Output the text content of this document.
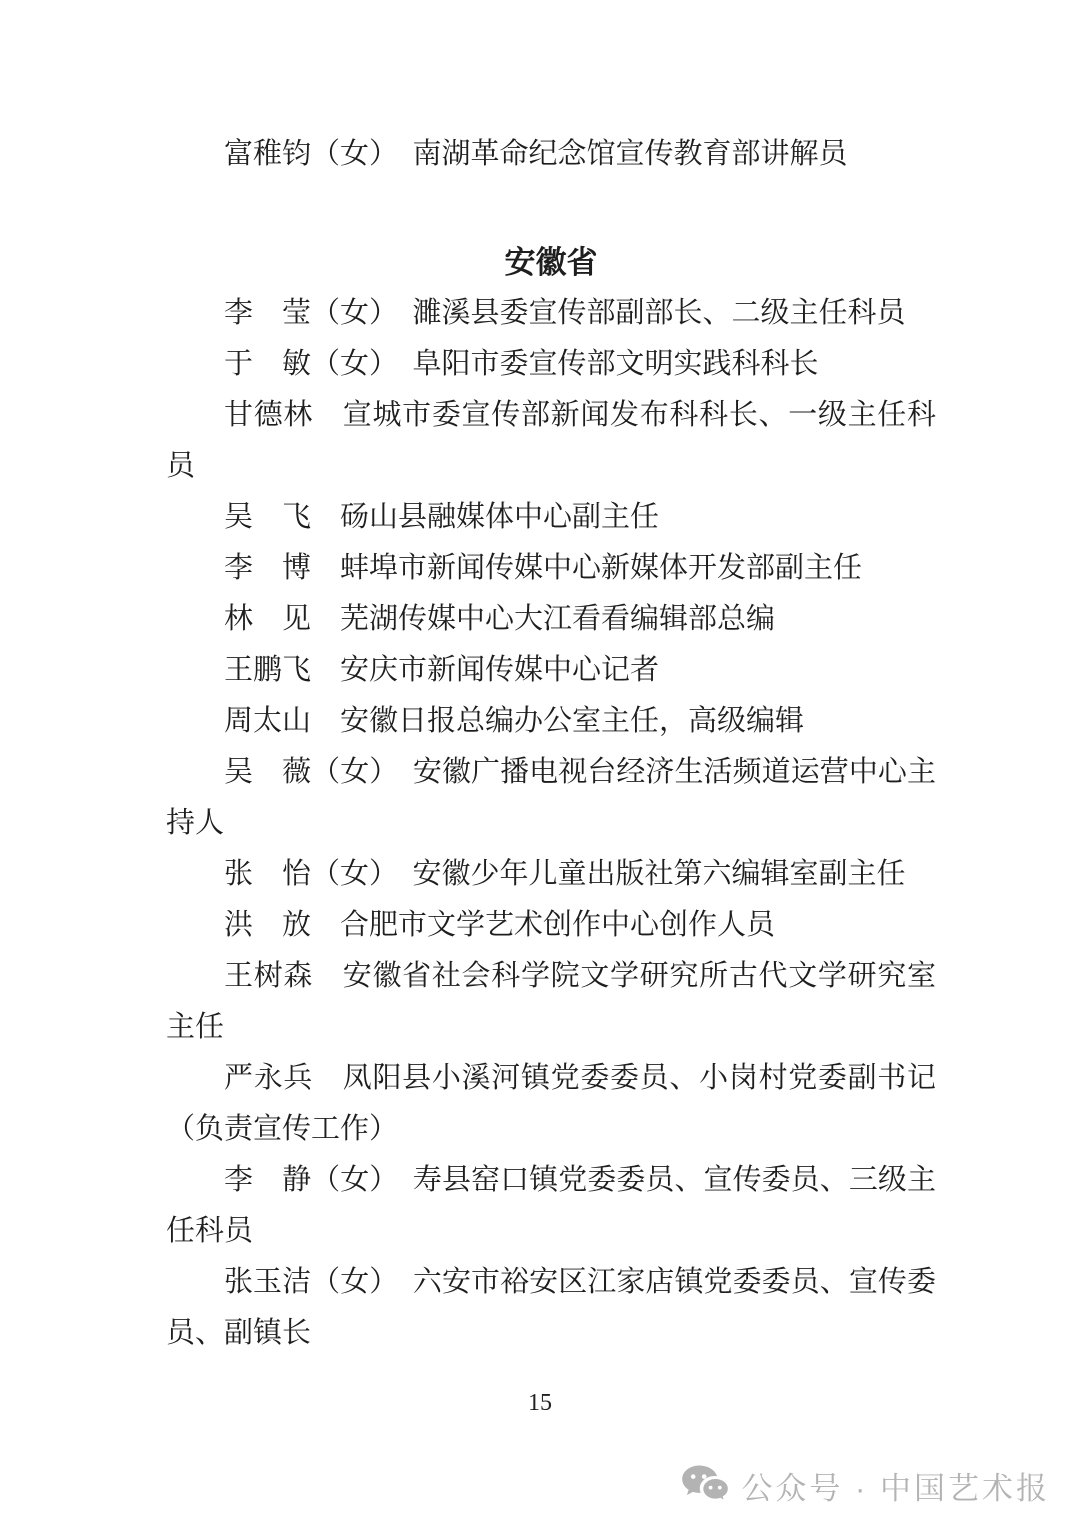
富稚钧（女）　南湖革命纪念馆宣传教育部讲解员

安徽省

李　莹（女）　濉溪县委宣传部副部长、二级主任科员

于　敏（女）　阜阳市委宣传部文明实践科科长

甘德林　宣城市委宣传部新闻发布科科长、一级主任科员

吴　飞　砀山县融媒体中心副主任

李　博　蚌埠市新闻传媒中心新媒体开发部副主任

林　见　芜湖传媒中心大江看看编辑部总编

王鹏飞　安庆市新闻传媒中心记者

周太山　安徽日报总编办公室主任，高级编辑

吴　薇（女）　安徽广播电视台经济生活频道运营中心主持人

张　怡（女）　安徽少年儿童出版社第六编辑室副主任

洪　放　合肥市文学艺术创作中心创作人员

王树森　安徽省社会科学院文学研究所古代文学研究室主任

严永兵　凤阳县小溪河镇党委委员、小岗村党委副书记（负责宣传工作）

李　静（女）　寿县窑口镇党委委员、宣传委员、三级主任科员

张玉洁（女）　六安市裕安区江家店镇党委委员、宣传委员、副镇长

15
公众号 · 中国艺术报
